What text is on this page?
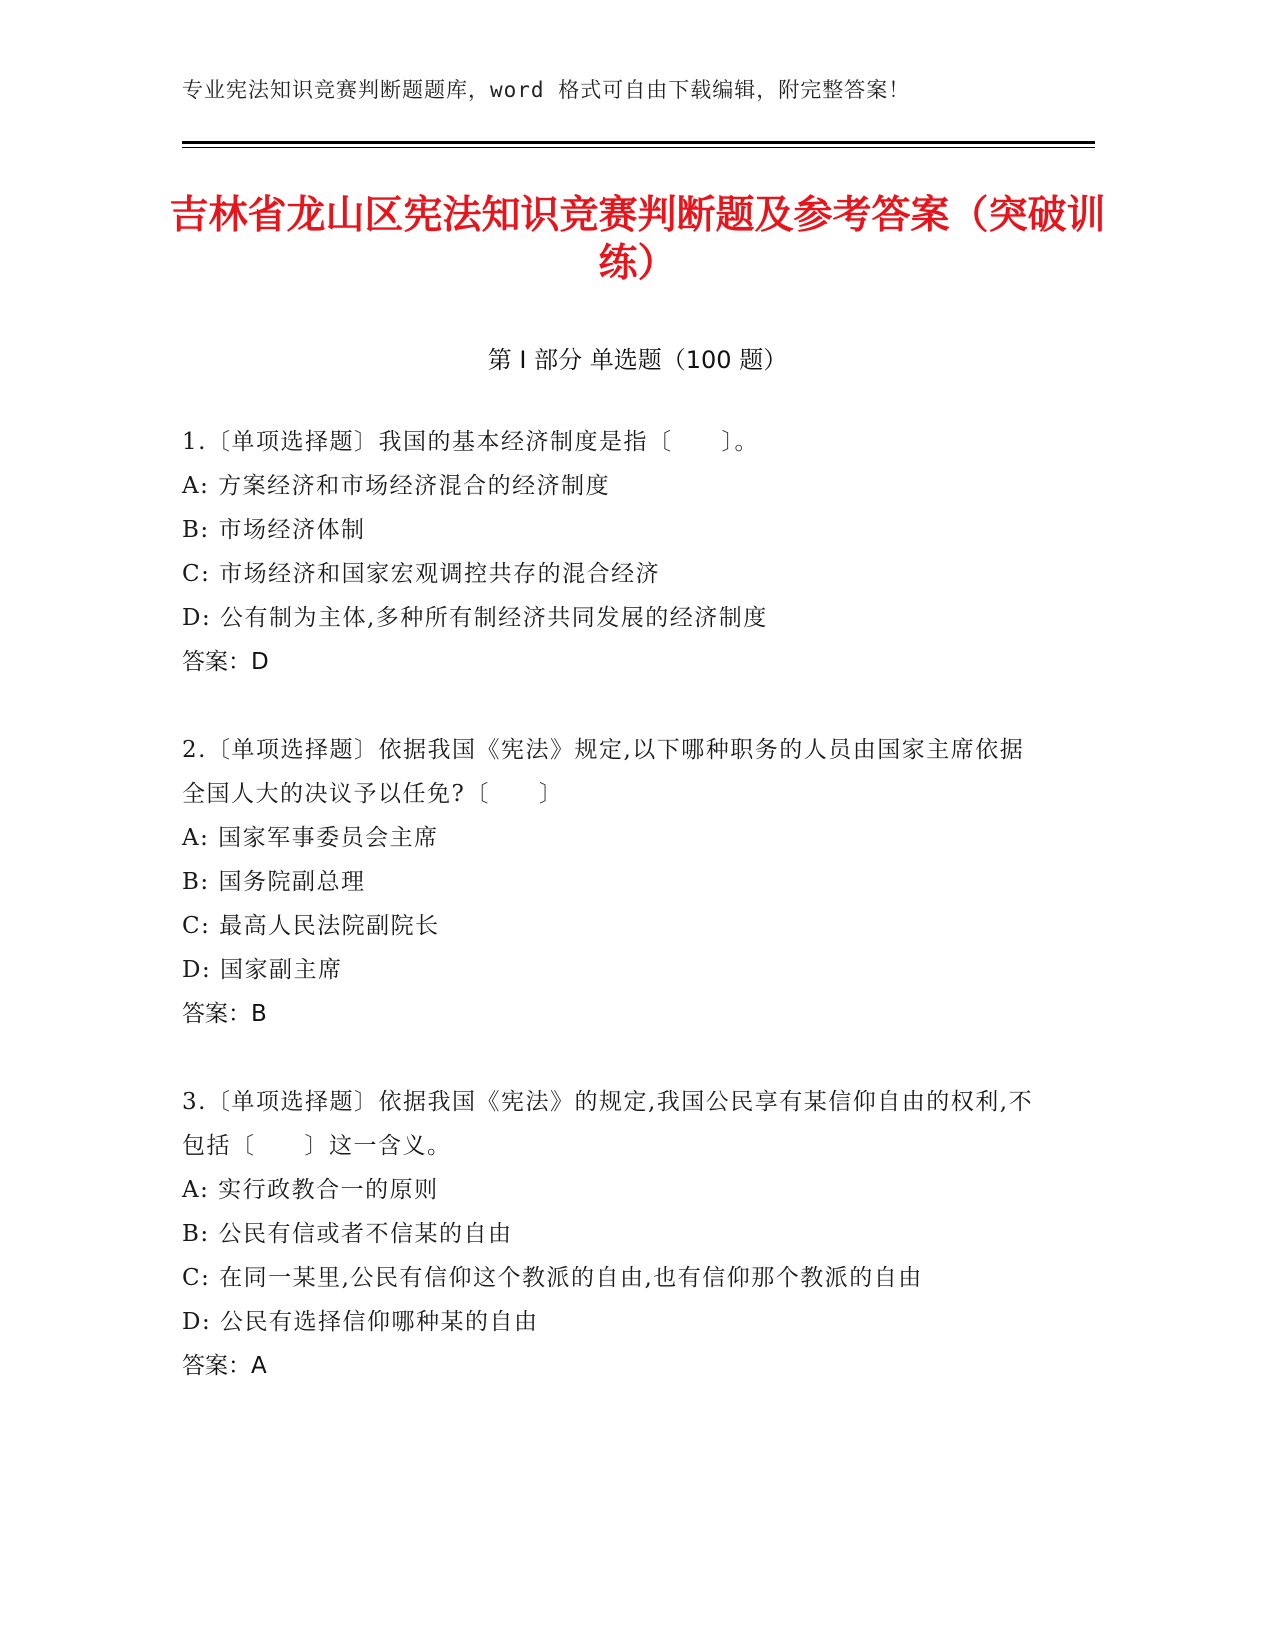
专业宪法知识竞赛判断题题库，word 格式可自由下载编辑，附完整答案！
吉林省龙山区宪法知识竞赛判断题及参考答案（突破训练）
第 I 部分 单选题（100 题）
1.〔单项选择题〕我国的基本经济制度是指〔　　〕。
A: 方案经济和市场经济混合的经济制度
B: 市场经济体制
C: 市场经济和国家宏观调控共存的混合经济
D: 公有制为主体,多种所有制经济共同发展的经济制度
答案：D
2.〔单项选择题〕依据我国《宪法》规定,以下哪种职务的人员由国家主席依据全国人大的决议予以任免?〔　　〕
A: 国家军事委员会主席
B: 国务院副总理
C: 最高人民法院副院长
D: 国家副主席
答案：B
3.〔单项选择题〕依据我国《宪法》的规定,我国公民享有某信仰自由的权利,不包括〔　　〕这一含义。
A: 实行政教合一的原则
B: 公民有信或者不信某的自由
C: 在同一某里,公民有信仰这个教派的自由,也有信仰那个教派的自由
D: 公民有选择信仰哪种某的自由
答案：A
